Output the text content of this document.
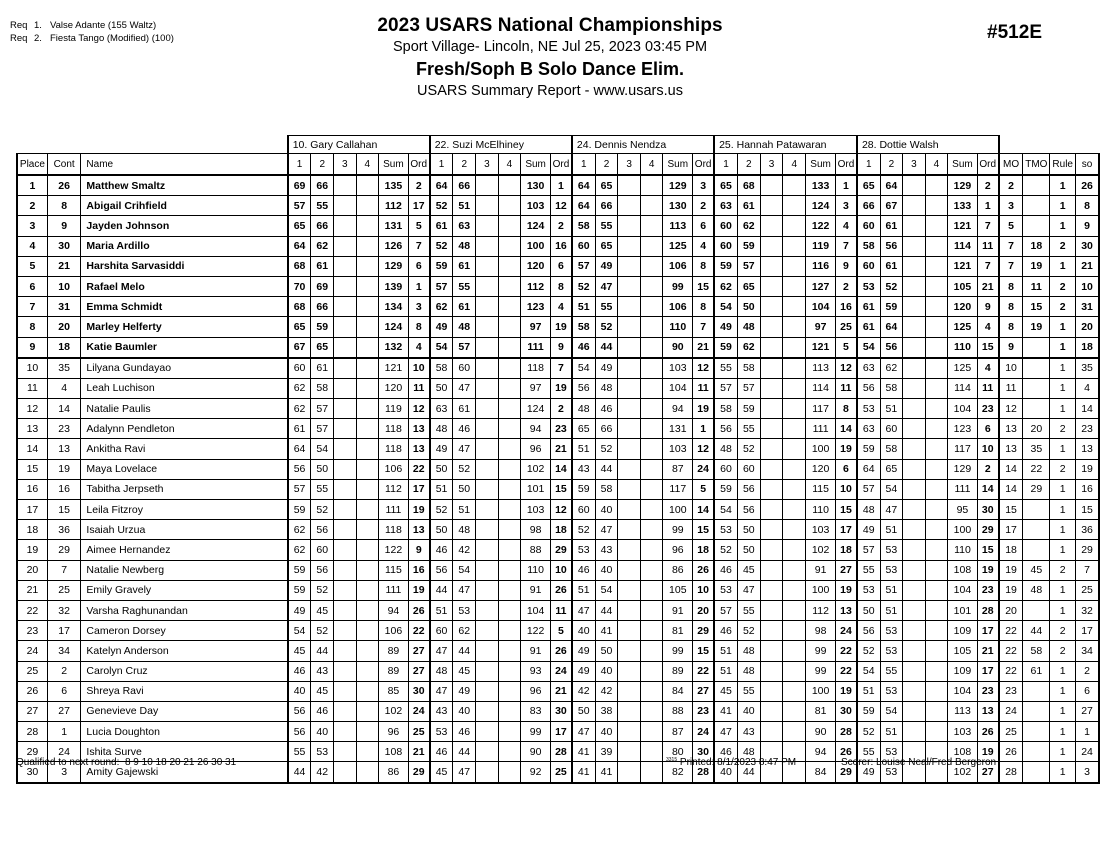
Req 1. Valse Adante (155 Waltz)
Req 2. Fiesta Tango (Modified) (100)
2023 USARS National Championships
Sport Village- Lincoln, NE Jul 25, 2023 03:45 PM
Fresh/Soph B Solo Dance Elim.
USARS Summary Report - www.usars.us
#512E
			10. Gary Callahan						22. Suzi McElhiney						24. Dennis Nendza						25. Hannah Patawaran						28. Dottie Walsh									
Place	Cont	Name	1	2	3	4	Sum	Ord	1	2	3	4	Sum	Ord	1	2	3	4	Sum	Ord	1	2	3	4	Sum	Ord	1	2	3	4	Sum	Ord	MO	TMO	Rule	so
1	26	Matthew Smaltz	69	66			135	2	64	66			130	1	64	65			129	3	65	68			133	1	65	64			129	2	2		1	26
2	8	Abigail Crihfield	57	55			112	17	52	51			103	12	64	66			130	2	63	61			124	3	66	67			133	1	3		1	8
3	9	Jayden Johnson	65	66			131	5	61	63			124	2	58	55			113	6	60	62			122	4	60	61			121	7	5		1	9
4	30	Maria Ardillo	64	62			126	7	52	48			100	16	60	65			125	4	60	59			119	7	58	56			114	11	7	18	2	30
5	21	Harshita Sarvasiddi	68	61			129	6	59	61			120	6	57	49			106	8	59	57			116	9	60	61			121	7	7	19	1	21
6	10	Rafael Melo	70	69			139	1	57	55			112	8	52	47			99	15	62	65			127	2	53	52			105	21	8	11	2	10
7	31	Emma Schmidt	68	66			134	3	62	61			123	4	51	55			106	8	54	50			104	16	61	59			120	9	8	15	2	31
8	20	Marley Helferty	65	59			124	8	49	48			97	19	58	52			110	7	49	48			97	25	61	64			125	4	8	19	1	20
9	18	Katie Baumler	67	65			132	4	54	57			111	9	46	44			90	21	59	62			121	5	54	56			110	15	9		1	18
10	35	Lilyana Gundayao	60	61			121	10	58	60			118	7	54	49			103	12	55	58			113	12	63	62			125	4	10		1	35
11	4	Leah Luchison	62	58			120	11	50	47			97	19	56	48			104	11	57	57			114	11	56	58			114	11	11		1	4
12	14	Natalie Paulis	62	57			119	12	63	61			124	2	48	46			94	19	58	59			117	8	53	51			104	23	12		1	14
13	23	Adalynn Pendleton	61	57			118	13	48	46			94	23	65	66			131	1	56	55			111	14	63	60			123	6	13	20	2	23
14	13	Ankitha Ravi	64	54			118	13	49	47			96	21	51	52			103	12	48	52			100	19	59	58			117	10	13	35	1	13
15	19	Maya Lovelace	56	50			106	22	50	52			102	14	43	44			87	24	60	60			120	6	64	65			129	2	14	22	2	19
16	16	Tabitha Jerpseth	57	55			112	17	51	50			101	15	59	58			117	5	59	56			115	10	57	54			111	14	14	29	1	16
17	15	Leila Fitzroy	59	52			111	19	52	51			103	12	60	40			100	14	54	56			110	15	48	47			95	30	15		1	15
18	36	Isaiah Urzua	62	56			118	13	50	48			98	18	52	47			99	15	53	50			103	17	49	51			100	29	17		1	36
19	29	Aimee Hernandez	62	60			122	9	46	42			88	29	53	43			96	18	52	50			102	18	57	53			110	15	18		1	29
20	7	Natalie Newberg	59	56			115	16	56	54			110	10	46	40			86	26	46	45			91	27	55	53			108	19	19	45	2	7
21	25	Emily Gravely	59	52			111	19	44	47			91	26	51	54			105	10	53	47			100	19	53	51			104	23	19	48	1	25
22	32	Varsha Raghunandan	49	45			94	26	51	53			104	11	47	44			91	20	57	55			112	13	50	51			101	28	20		1	32
23	17	Cameron Dorsey	54	52			106	22	60	62			122	5	40	41			81	29	46	52			98	24	56	53			109	17	22	44	2	17
24	34	Katelyn Anderson	45	44			89	27	47	44			91	26	49	50			99	15	51	48			99	22	52	53			105	21	22	58	2	34
25	2	Carolyn Cruz	46	43			89	27	48	45			93	24	49	40			89	22	51	48			99	22	54	55			109	17	22	61	1	2
26	6	Shreya Ravi	40	45			85	30	47	49			96	21	42	42			84	27	45	55			100	19	51	53			104	23	23		1	6
27	27	Genevieve Day	56	46			102	24	43	40			83	30	50	38			88	23	41	40			81	30	59	54			113	13	24		1	27
28	1	Lucia Doughton	56	40			96	25	53	46			99	17	47	40			87	24	47	43			90	28	52	51			103	26	25		1	1
29	24	Ishita Surve	55	53			108	21	46	44			90	28	41	39			80	30	46	48			94	26	55	53			108	19	26		1	24
30	3	Amity Gajewski	44	42			86	29	45	47			92	25	41	41			82	28	40	44			84	29	49	53			102	27	28		1	3
Qualified to next round: 8 9 10 18 20 21 26 30 31	$^{3315}$ Printed: 8/1/2023 8:47 PM	Scorer: Louise Neal/Fred Bergeron
